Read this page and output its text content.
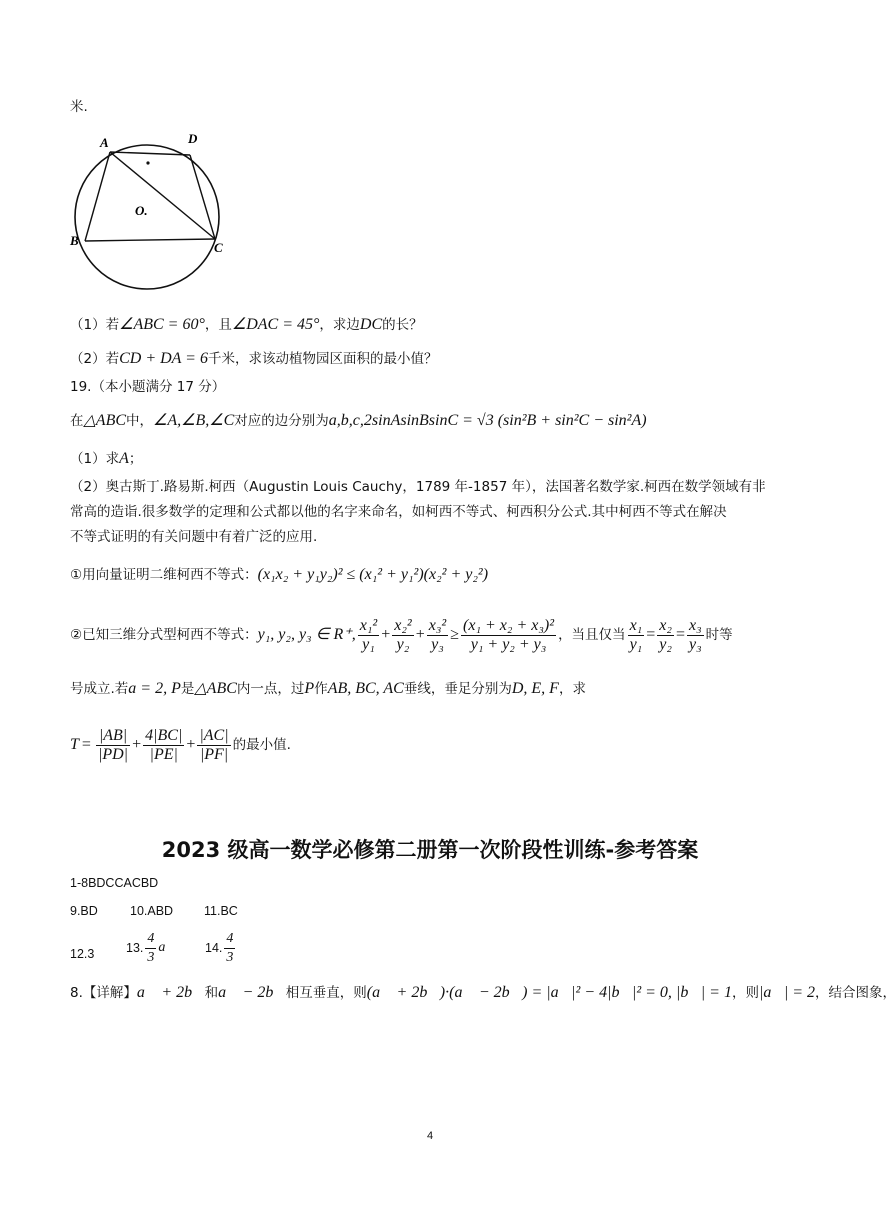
米.
A	D
B	C
O.
（1）若∠ABC = 60°，且∠DAC = 45°，求边DC的长？
（2）若CD + DA = 6千米，求该动植物园区面积的最小值？
19.（本小题满分 17 分）
在△ABC中，∠A,∠B,∠C对应的边分别为a,b,c,2sinAsinBsinC = √3 (sin²B + sin²C − sin²A)
（1）求A；
（2）奥古斯丁.路易斯.柯西（Augustin Louis Cauchy，1789 年-1857 年），法国著名数学家.柯西在数学领域有非
常高的造诣.很多数学的定理和公式都以他的名字来命名，如柯西不等式、柯西积分公式.其中柯西不等式在解决
不等式证明的有关问题中有着广泛的应用.
①用向量证明二维柯西不等式：(x₁x₂ + y₁y₂)² ≤ (x₁² + y₁²)(x₂² + y₂²)
②已知三维分式型柯西不等式： y₁, y₂, y₃ ∈ R⁺, $\frac{\text{x₁²}}{\text{y₁}} + \frac{\text{x₂²}}{\text{y₂}} + \frac{\text{x₃²}}{\text{y₃}} \ge \frac{\text{(x₁ + x₂ + x₃)²}}{\text{y₁ + y₂ + y₃}}$ ，当且仅当 $\frac{\text{x₁}}{\text{y₁}} = \frac{\text{x₂}}{\text{y₂}} = \frac{\text{x₃}}{\text{y₃}}$ 时等
号成立.若a = 2, P是△ABC内一点，过P作AB, BC, AC垂线，垂足分别为D, E, F，求
$T = \frac{|AB|}{|PD|} + \frac{4|BC|}{|PE|} + \frac{|AC|}{|PF|}$ 的最小值.
2023 级高一数学必修第二册第一次阶段性训练-参考答案
1-8BDCCACBD
9.BD	10.ABD 11.BC
12.3	13. $\frac{4}{3}$ a⃗ 14. $\frac{4}{3}$
8.【详解】a⃗ + 2b⃗和a⃗ − 2b⃗相互垂直，则(a⃗ + 2b⃗)·(a⃗ − 2b⃗) = |a⃗|² − 4|b⃗|² = 0, |b⃗| = 1，则|a⃗| = 2，结合图象，
4
